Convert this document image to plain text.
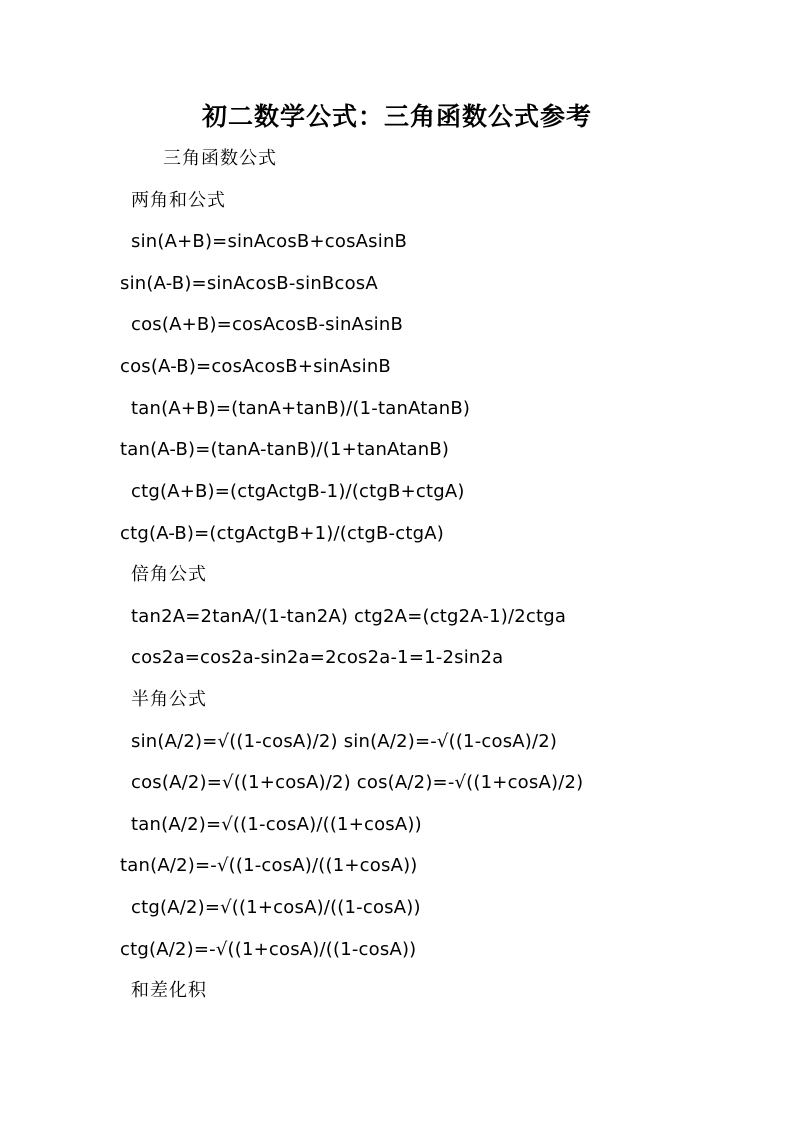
初二数学公式：三角函数公式参考
三角函数公式
两角和公式
sin(A+B)=sinAcosB+cosAsinB
sin(A-B)=sinAcosB-sinBcosA
cos(A+B)=cosAcosB-sinAsinB
cos(A-B)=cosAcosB+sinAsinB
tan(A+B)=(tanA+tanB)/(1-tanAtanB)
tan(A-B)=(tanA-tanB)/(1+tanAtanB)
ctg(A+B)=(ctgActgB-1)/(ctgB+ctgA)
ctg(A-B)=(ctgActgB+1)/(ctgB-ctgA)
倍角公式
tan2A=2tanA/(1-tan2A) ctg2A=(ctg2A-1)/2ctga
cos2a=cos2a-sin2a=2cos2a-1=1-2sin2a
半角公式
sin(A/2)=√((1-cosA)/2) sin(A/2)=-√((1-cosA)/2)
cos(A/2)=√((1+cosA)/2) cos(A/2)=-√((1+cosA)/2)
tan(A/2)=√((1-cosA)/((1+cosA))
tan(A/2)=-√((1-cosA)/((1+cosA))
ctg(A/2)=√((1+cosA)/((1-cosA))
ctg(A/2)=-√((1+cosA)/((1-cosA))
和差化积
